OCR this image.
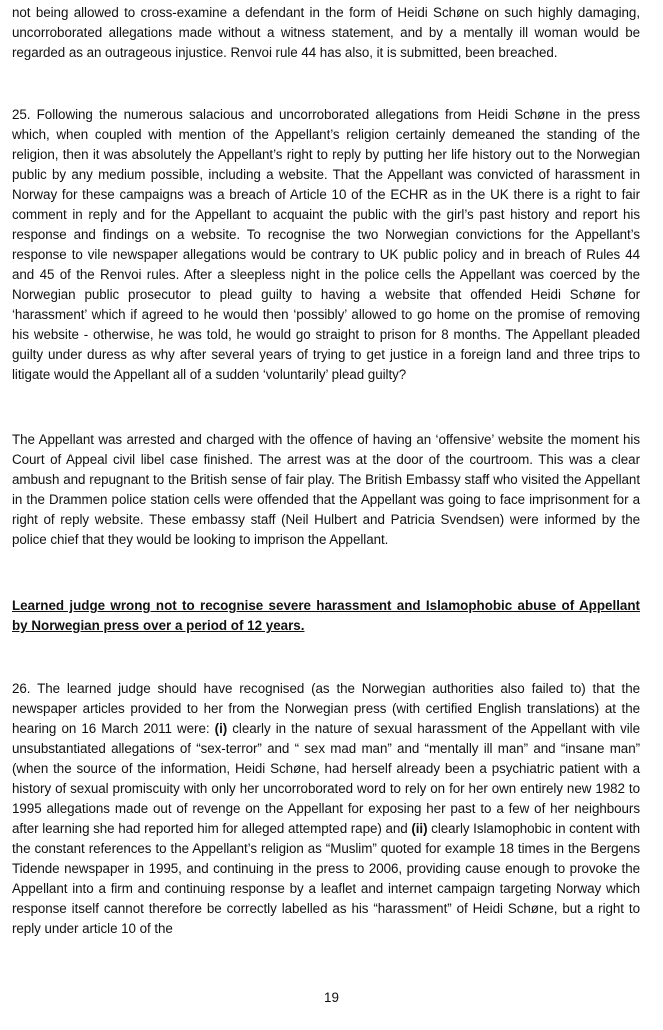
not being allowed to cross-examine a defendant in the form of Heidi Schøne on such highly damaging, uncorroborated allegations made without a witness statement, and by a mentally ill woman would be regarded as an outrageous injustice. Renvoi rule 44 has also, it is submitted, been breached.

25. Following the numerous salacious and uncorroborated allegations from Heidi Schøne in the press which, when coupled with mention of the Appellant’s religion certainly demeaned the standing of the religion, then it was absolutely the Appellant’s right to reply by putting her life history out to the Norwegian public by any medium possible, including a website. That the Appellant was convicted of harassment in Norway for these campaigns was a breach of Article 10 of the ECHR as in the UK there is a right to fair comment in reply and for the Appellant to acquaint the public with the girl’s past history and report his response and findings on a website. To recognise the two Norwegian convictions for the Appellant’s response to vile newspaper allegations would be contrary to UK public policy and in breach of Rules 44 and 45 of the Renvoi rules. After a sleepless night in the police cells the Appellant was coerced by the Norwegian public prosecutor to plead guilty to having a website that offended Heidi Schøne for ‘harassment’ which if agreed to he would then ‘possibly’ allowed to go home on the promise of removing his website - otherwise, he was told, he would go straight to prison for 8 months. The Appellant pleaded guilty under duress as why after several years of trying to get justice in a foreign land and three trips to litigate would the Appellant all of a sudden ‘voluntarily’ plead guilty?

The Appellant was arrested and charged with the offence of having an ‘offensive’ website the moment his Court of Appeal civil libel case finished. The arrest was at the door of the courtroom. This was a clear ambush and repugnant to the British sense of fair play. The British Embassy staff who visited the Appellant in the Drammen police station cells were offended that the Appellant was going to face imprisonment for a right of reply website. These embassy staff (Neil Hulbert and Patricia Svendsen) were informed by the police chief that they would be looking to imprison the Appellant.

Learned judge wrong not to recognise severe harassment and Islamophobic abuse of Appellant by Norwegian press over a period of 12 years.

26. The learned judge should have recognised (as the Norwegian authorities also failed to) that the newspaper articles provided to her from the Norwegian press (with certified English translations) at the hearing on 16 March 2011 were: (i) clearly in the nature of sexual harassment of the Appellant with vile unsubstantiated allegations of “sex-terror” and “ sex mad man” and “mentally ill man” and “insane man” (when the source of the information, Heidi Schøne, had herself already been a psychiatric patient with a history of sexual promiscuity with only her uncorroborated word to rely on for her own entirely new 1982 to 1995 allegations made out of revenge on the Appellant for exposing her past to a few of her neighbours after learning she had reported him for alleged attempted rape) and (ii) clearly Islamophobic in content with the constant references to the Appellant’s religion as “Muslim” quoted for example 18 times in the Bergens Tidende newspaper in 1995, and continuing in the press to 2006, providing cause enough to provoke the Appellant into a firm and continuing response by a leaflet and internet campaign targeting Norway which response itself cannot therefore be correctly labelled as his “harassment” of Heidi Schøne, but a right to reply under article 10 of the

19
